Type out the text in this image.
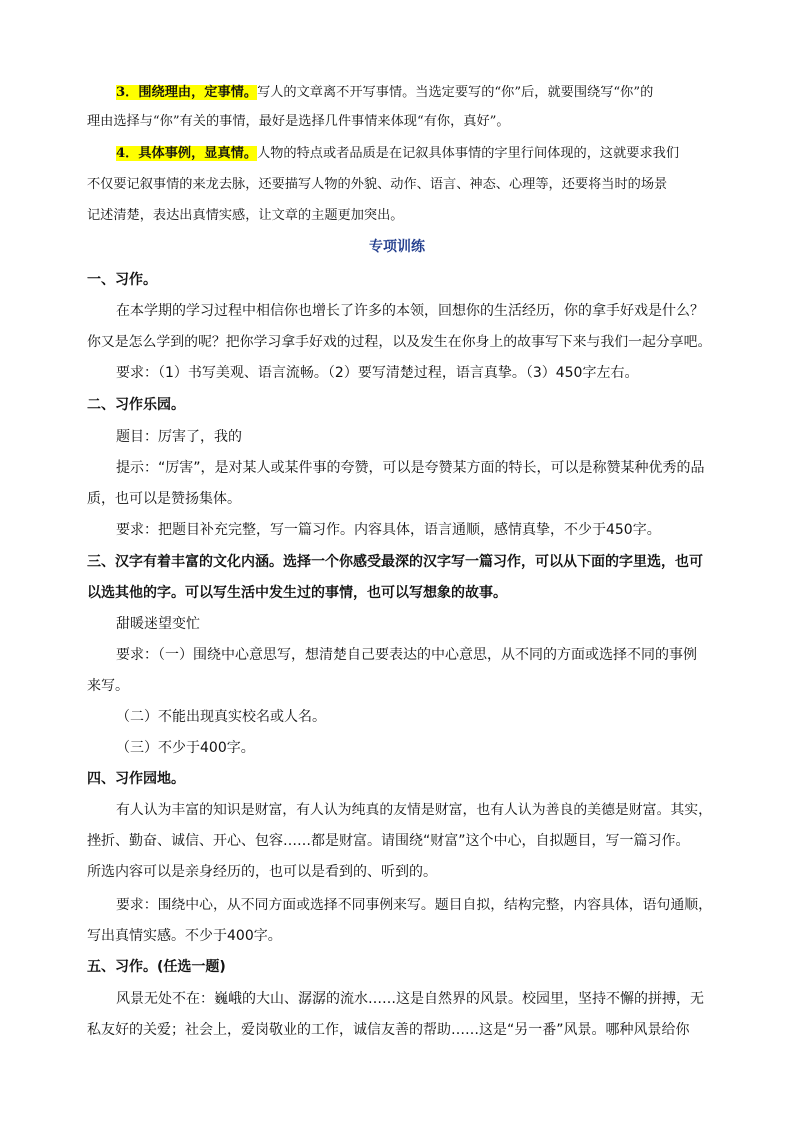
3．围绕理由，定事情。写人的文章离不开写事情。当选定要写的“你”后，就要围绕写“你”的
理由选择与“你”有关的事情，最好是选择几件事情来体现“有你，真好”。
4．具体事例，显真情。人物的特点或者品质是在记叙具体事情的字里行间体现的，这就要求我们
不仅要记叙事情的来龙去脉，还要描写人物的外貌、动作、语言、神态、心理等，还要将当时的场景
记述清楚，表达出真情实感，让文章的主题更加突出。
专项训练
一、习作。
在本学期的学习过程中相信你也增长了许多的本领，回想你的生活经历，你的拿手好戏是什么？
你又是怎么学到的呢？把你学习拿手好戏的过程，以及发生在你身上的故事写下来与我们一起分享吧。
要求：（1）书写美观、语言流畅。（2）要写清楚过程，语言真挚。（3）450字左右。
二、习作乐园。
题目：厉害了，我的
提示：“厉害”，是对某人或某件事的夸赞，可以是夸赞某方面的特长，可以是称赞某种优秀的品
质，也可以是赞扬集体。
要求：把题目补充完整，写一篇习作。内容具体，语言通顺，感情真挚，不少于450字。
三、汉字有着丰富的文化内涵。选择一个你感受最深的汉字写一篇习作，可以从下面的字里选，也可
以选其他的字。可以写生活中发生过的事情，也可以写想象的故事。
甜暖迷望变忙
要求：（一）围绕中心意思写，想清楚自己要表达的中心意思，从不同的方面或选择不同的事例
来写。
（二）不能出现真实校名或人名。
（三）不少于400字。
四、习作园地。
有人认为丰富的知识是财富，有人认为纯真的友情是财富，也有人认为善良的美德是财富。其实，
挫折、勤奋、诚信、开心、包容……都是财富。请围绕“财富”这个中心，自拟题目，写一篇习作。
所选内容可以是亲身经历的，也可以是看到的、听到的。
要求：围绕中心，从不同方面或选择不同事例来写。题目自拟，结构完整，内容具体，语句通顺，
写出真情实感。不少于400字。
五、习作。(任选一题)
风景无处不在：巍峨的大山、潺潺的流水……这是自然界的风景。校园里，坚持不懈的拼搏，无
私友好的关爱；社会上，爱岗敬业的工作，诚信友善的帮助……这是“另一番”风景。哪种风景给你
